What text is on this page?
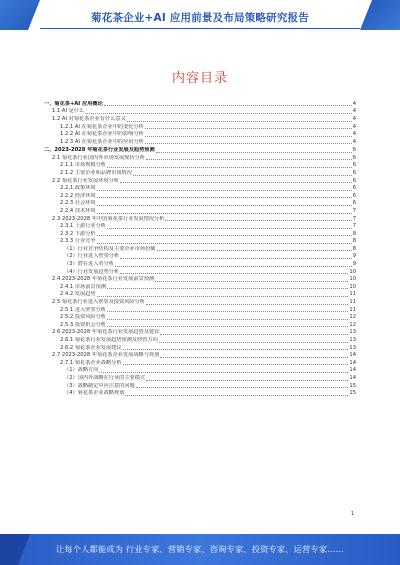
菊花茶企业+AI 应用前景及布局策略研究报告
内容目录
一、菊花茶+AI 应用概论	4
1.1 AI 是什么	4
1.2 AI 对菊花茶企业有什么意义	4
1.2.1 AI 在菊花茶企业中的变化分析	4
1.2.2 AI 在菊花茶企业中的影响分析	4
1.2.3 AI 在菊花茶企业中的应用分析	4
二、2023-2028 年菊花茶行业发展及趋势预测	6
2.1 菊花茶行业国内外市场发展现状分析	6
2.1.1 市场规模分析	6
2.1.2 主要企业和品牌市场情况	6
2.2 菊花茶行业发展环境分析	6
2.2.1 政策环境	6
2.2.2 经济环境	6
2.2.3 社会环境	6
2.2.4 技术环境	7
2.3 2023-2028 年中国菊花茶行业发展情况分析	7
2.3.1 上游行业分析	7
2.3.2 下游分析	8
2.3.3 行业竞争	8
（1）行业竞争结构及主要企业市场份额	8
（2）行业进入壁垒分析	9
（3）潜在进入者分析	9
（4）行业发展趋势分析	10
2.4 2023-2028 年菊花茶行业发展前景预测	10
2.4.1 市场前景预测	10
2.4.2 发展趋势	11
2.5 菊花茶行业进入壁垒及投资风险分析	11
2.5.1 进入壁垒分析	11
2.5.2 投资风险分析	12
2.5.3 投资机会分析	12
2.6 2023-2028 年菊花茶行业发展趋势及建议	13
2.6.1 菊花茶行业发展趋势预测及经营方向	13
2.6.2 菊花茶企业发展建议	13
2.7 2023-2028 年菊花茶企业发展战略与规划	14
2.7.1 菊花茶企业战略分析	14
（1）战略方向	14
（2）国内外战略在行业的主要模式	14
（3）战略制定中应注意的问题	15
（4）菊花茶企业战略规划	15
1
让每个人都能成为 行业专家、营销专家、咨询专家、投资专家、运营专家……
